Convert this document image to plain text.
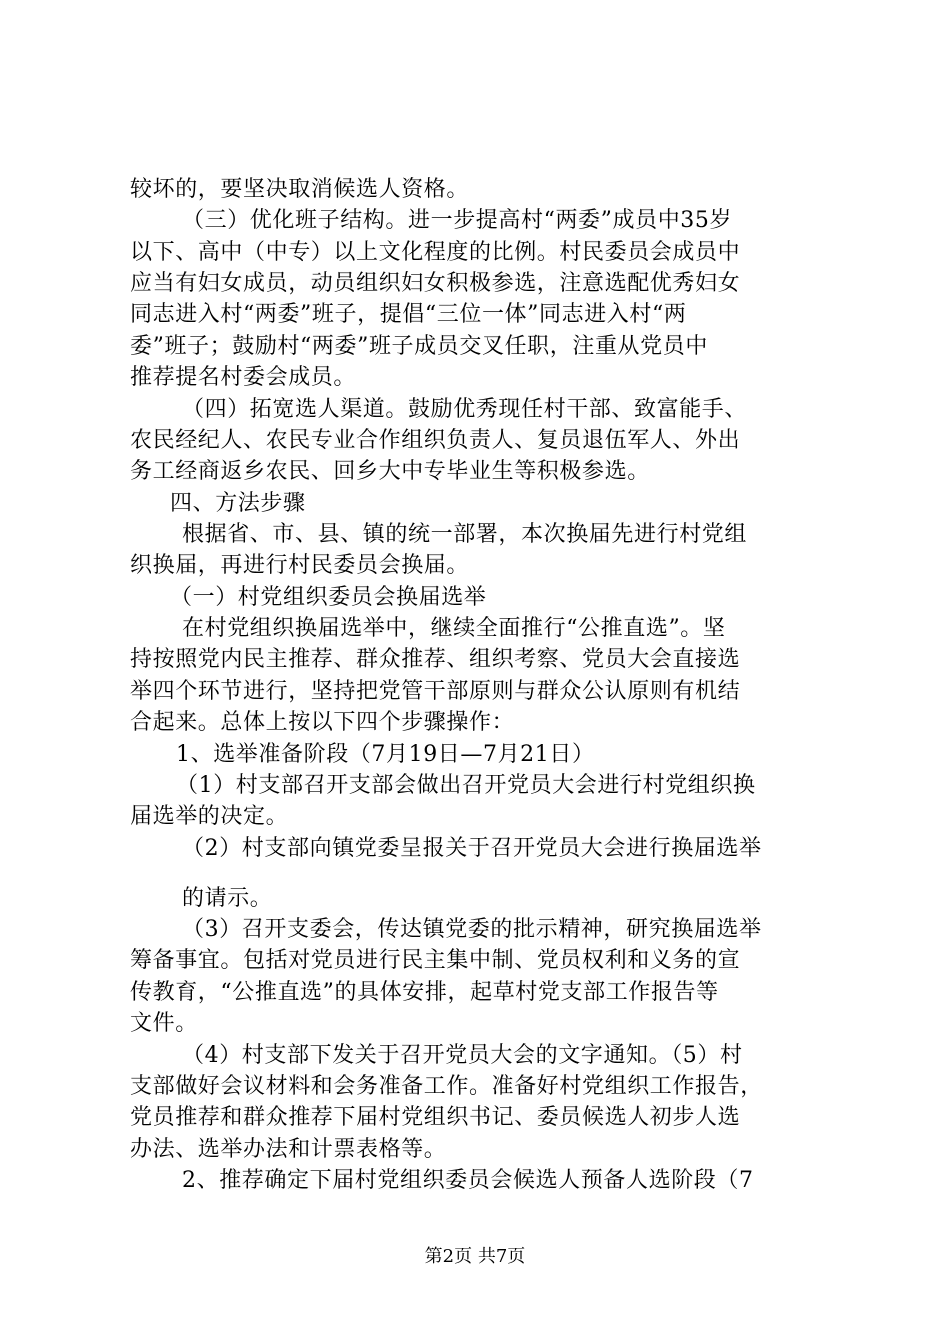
较坏的，要坚决取消候选人资格。
（三）优化班子结构。进一步提高村“两委”成员中35岁
以下、高中（中专）以上文化程度的比例。村民委员会成员中
应当有妇女成员，动员组织妇女积极参选，注意选配优秀妇女
同志进入村“两委”班子，提倡“三位一体”同志进入村“两
委”班子；鼓励村“两委”班子成员交叉任职，注重从党员中
推荐提名村委会成员。
（四）拓宽选人渠道。鼓励优秀现任村干部、致富能手、
农民经纪人、农民专业合作组织负责人、复员退伍军人、外出
务工经商返乡农民、回乡大中专毕业生等积极参选。
四、方法步骤
根据省、市、县、镇的统一部署，本次换届先进行村党组
织换届，再进行村民委员会换届。
（一）村党组织委员会换届选举
在村党组织换届选举中，继续全面推行“公推直选”。坚
持按照党内民主推荐、群众推荐、组织考察、党员大会直接选
举四个环节进行，坚持把党管干部原则与群众公认原则有机结
合起来。总体上按以下四个步骤操作：
1、选举准备阶段（7月19日—7月21日）
（1）村支部召开支部会做出召开党员大会进行村党组织换
届选举的决定。
（2）村支部向镇党委呈报关于召开党员大会进行换届选举
的请示。
（3）召开支委会，传达镇党委的批示精神，研究换届选举
筹备事宜。包括对党员进行民主集中制、党员权利和义务的宣
传教育，“公推直选”的具体安排，起草村党支部工作报告等
文件。
（4）村支部下发关于召开党员大会的文字通知。（5）村
支部做好会议材料和会务准备工作。准备好村党组织工作报告，
党员推荐和群众推荐下届村党组织书记、委员候选人初步人选
办法、选举办法和计票表格等。
2、推荐确定下届村党组织委员会候选人预备人选阶段（7
第2页 共7页
